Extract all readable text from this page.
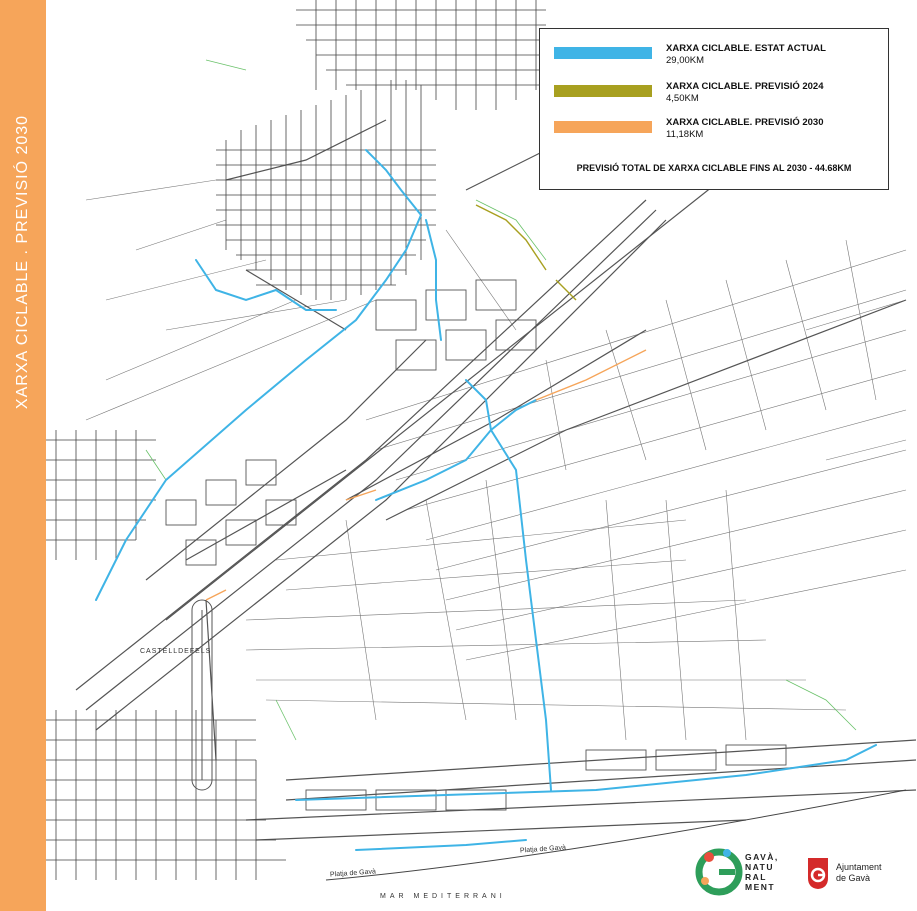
XARXA CICLABLE . PREVISIÓ 2030
XARXA CICLABLE. ESTAT ACTUAL
29,00KM
XARXA CICLABLE. PREVISIÓ 2024
4,50KM
XARXA CICLABLE. PREVISIÓ 2030
11,18KM
PREVISIÓ TOTAL DE XARXA CICLABLE FINS AL 2030 - 44.68KM
CASTELLDEFELS
Platja de Gavà
Platja de Gavà
MAR MEDITERRANI
GAVÀ,
NATU
RAL
MENT
Ajuntament
de Gavà
